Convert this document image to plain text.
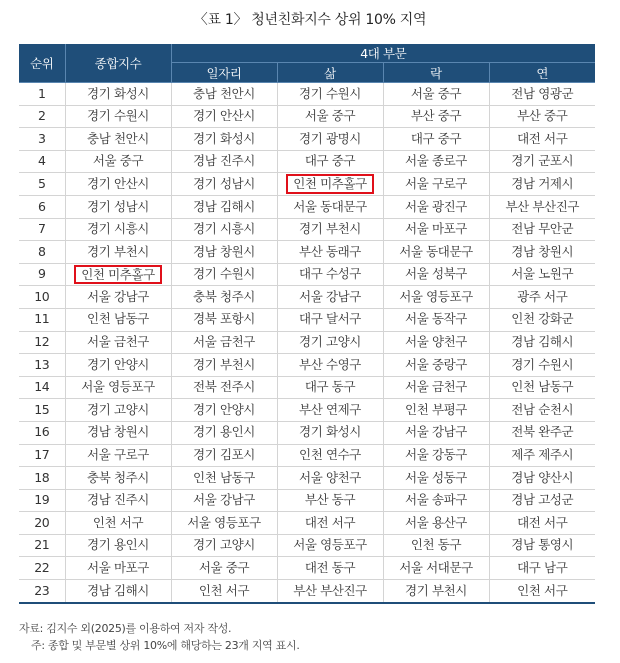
〈표 1〉 청년친화지수 상위 10% 지역
순위	종합지수	4대 부문			
		일자리	삶	락	연
1	경기 화성시	충남 천안시	경기 수원시	서울 중구	전남 영광군
2	경기 수원시	경기 안산시	서울 중구	부산 중구	부산 중구
3	충남 천안시	경기 화성시	경기 광명시	대구 중구	대전 서구
4	서울 중구	경남 진주시	대구 중구	서울 종로구	경기 군포시
5	경기 안산시	경기 성남시	인천 미추홀구	서울 구로구	경남 거제시
6	경기 성남시	경남 김해시	서울 동대문구	서울 광진구	부산 부산진구
7	경기 시흥시	경기 시흥시	경기 부천시	서울 마포구	전남 무안군
8	경기 부천시	경남 창원시	부산 동래구	서울 동대문구	경남 창원시
9	인천 미추홀구	경기 수원시	대구 수성구	서울 성북구	서울 노원구
10	서울 강남구	충북 청주시	서울 강남구	서울 영등포구	광주 서구
11	인천 남동구	경북 포항시	대구 달서구	서울 동작구	인천 강화군
12	서울 금천구	서울 금천구	경기 고양시	서울 양천구	경남 김해시
13	경기 안양시	경기 부천시	부산 수영구	서울 중랑구	경기 수원시
14	서울 영등포구	전북 전주시	대구 동구	서울 금천구	인천 남동구
15	경기 고양시	경기 안양시	부산 연제구	인천 부평구	전남 순천시
16	경남 창원시	경기 용인시	경기 화성시	서울 강남구	전북 완주군
17	서울 구로구	경기 김포시	인천 연수구	서울 강동구	제주 제주시
18	충북 청주시	인천 남동구	서울 양천구	서울 성동구	경남 양산시
19	경남 진주시	서울 강남구	부산 동구	서울 송파구	경남 고성군
20	인천 서구	서울 영등포구	대전 서구	서울 용산구	대전 서구
21	경기 용인시	경기 고양시	서울 영등포구	인천 동구	경남 통영시
22	서울 마포구	서울 중구	대전 동구	서울 서대문구	대구 남구
23	경남 김해시	인천 서구	부산 부산진구	경기 부천시	인천 서구
자료: 김지수 외(2025)를 이용하여 저자 작성.
주: 종합 및 부문별 상위 10%에 해당하는 23개 지역 표시.
